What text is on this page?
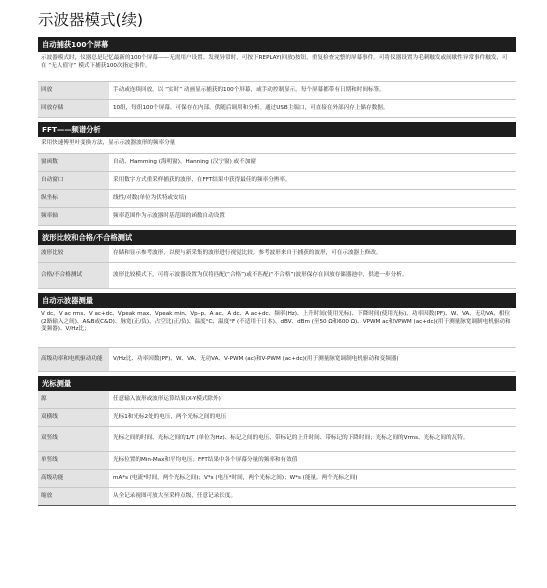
示波器模式(续)
自动捕获100个屏幕
示波器模式时，仪器总是记忆最新的100个屏幕——无需用户设置。发现异常时，可按下REPLAY(回放)按钮，重复检查完整的屏幕事件。可将仪器设置为毛刺触发或间歇性异常事件触发，可在 “无人值守” 模式下捕获100次指定事件。
回放	手动或连续回放。以 “实时” 动画显示捕获的100个屏幕，或手动控制显示。每个屏幕都带有日期和时间标签。
回放存储	10组，每组100个屏幕，可保存在内部，供随后调用和分析。通过USB主端口，可直接在外部闪存上储存数据。
FFT——频谱分析
采用快速傅里叶变换方法，显示示波器波形的频率分量
窗函数	自动、Hamming (海明窗)、Hanning (汉宁窗) 或不加窗
自动窗口	采用数字方式重采样捕获的波形，在FFT结果中获得最佳的频率分辨率。
纵坐标	线性/对数(单位为伏特或安培)
频率轴	频率范围作为示波器时基范围的函数自动设置
波形比较和合格/不合格测试
波形比较	存储和显示参考波形，以便与新采集的波形进行视觉比较。参考波形来自于捕获的波形，可在示波器上修改。
合格/不合格测试	波形比较模式下，可将示波器设置为仅将匹配(“合格”)或不匹配(“不合格”)波形保存在回放存储器池中，供进一步分析。
自动示波器测量
V dc、V ac rms、V ac+dc、Vpeak max、Vpeak min、Vp–p、A ac、A dc、A ac+dc、频率(Hz)、上升时间(使用光标)、下降时间(使用光标)、功率因数(PF)、W、VA、无功VA、相位(2路输入之间)、A&B或C&D)、脉宽(正/负)、占空比(正/负)、温度°C、温度°F (不适用于日本)、dBV、dBm (至50 Ω和600 Ω)、VPWM ac和VPWM (ac+dc)(用于测量脉宽调制电机驱动和变频器)、V/Hz比；
高级功率和电机驱动功能	V/Hz比、功率因数(PF)、W、VA、无功VA、V-PWM (ac)和V-PWM (ac+dc)(用于测量脉宽调制电机驱动和变频器)
光标测量
源	任意输入波形或波形运算结果(X-Y模式除外)
双横线	光标1和光标2处的电压，两个光标之间的电压
双竖线	光标之间的时间、光标之间的1/T (单位为Hz)、标记之间的电压、带标记的上升时间、带标记的下降时间；光标之间的Vrms、光标之间的瓦特。
单竖线	光标位置的Min-Max和平均电压；FFT结果中各个屏幕分量的频率和有效值
高级功能	mA*s (电流*时间，两个光标之间)；V*s (电压*时间，两个光标之间)；W*s (能量，两个光标之间)
缩放	从全记录视图可放大至采样点级，任意记录长度。
